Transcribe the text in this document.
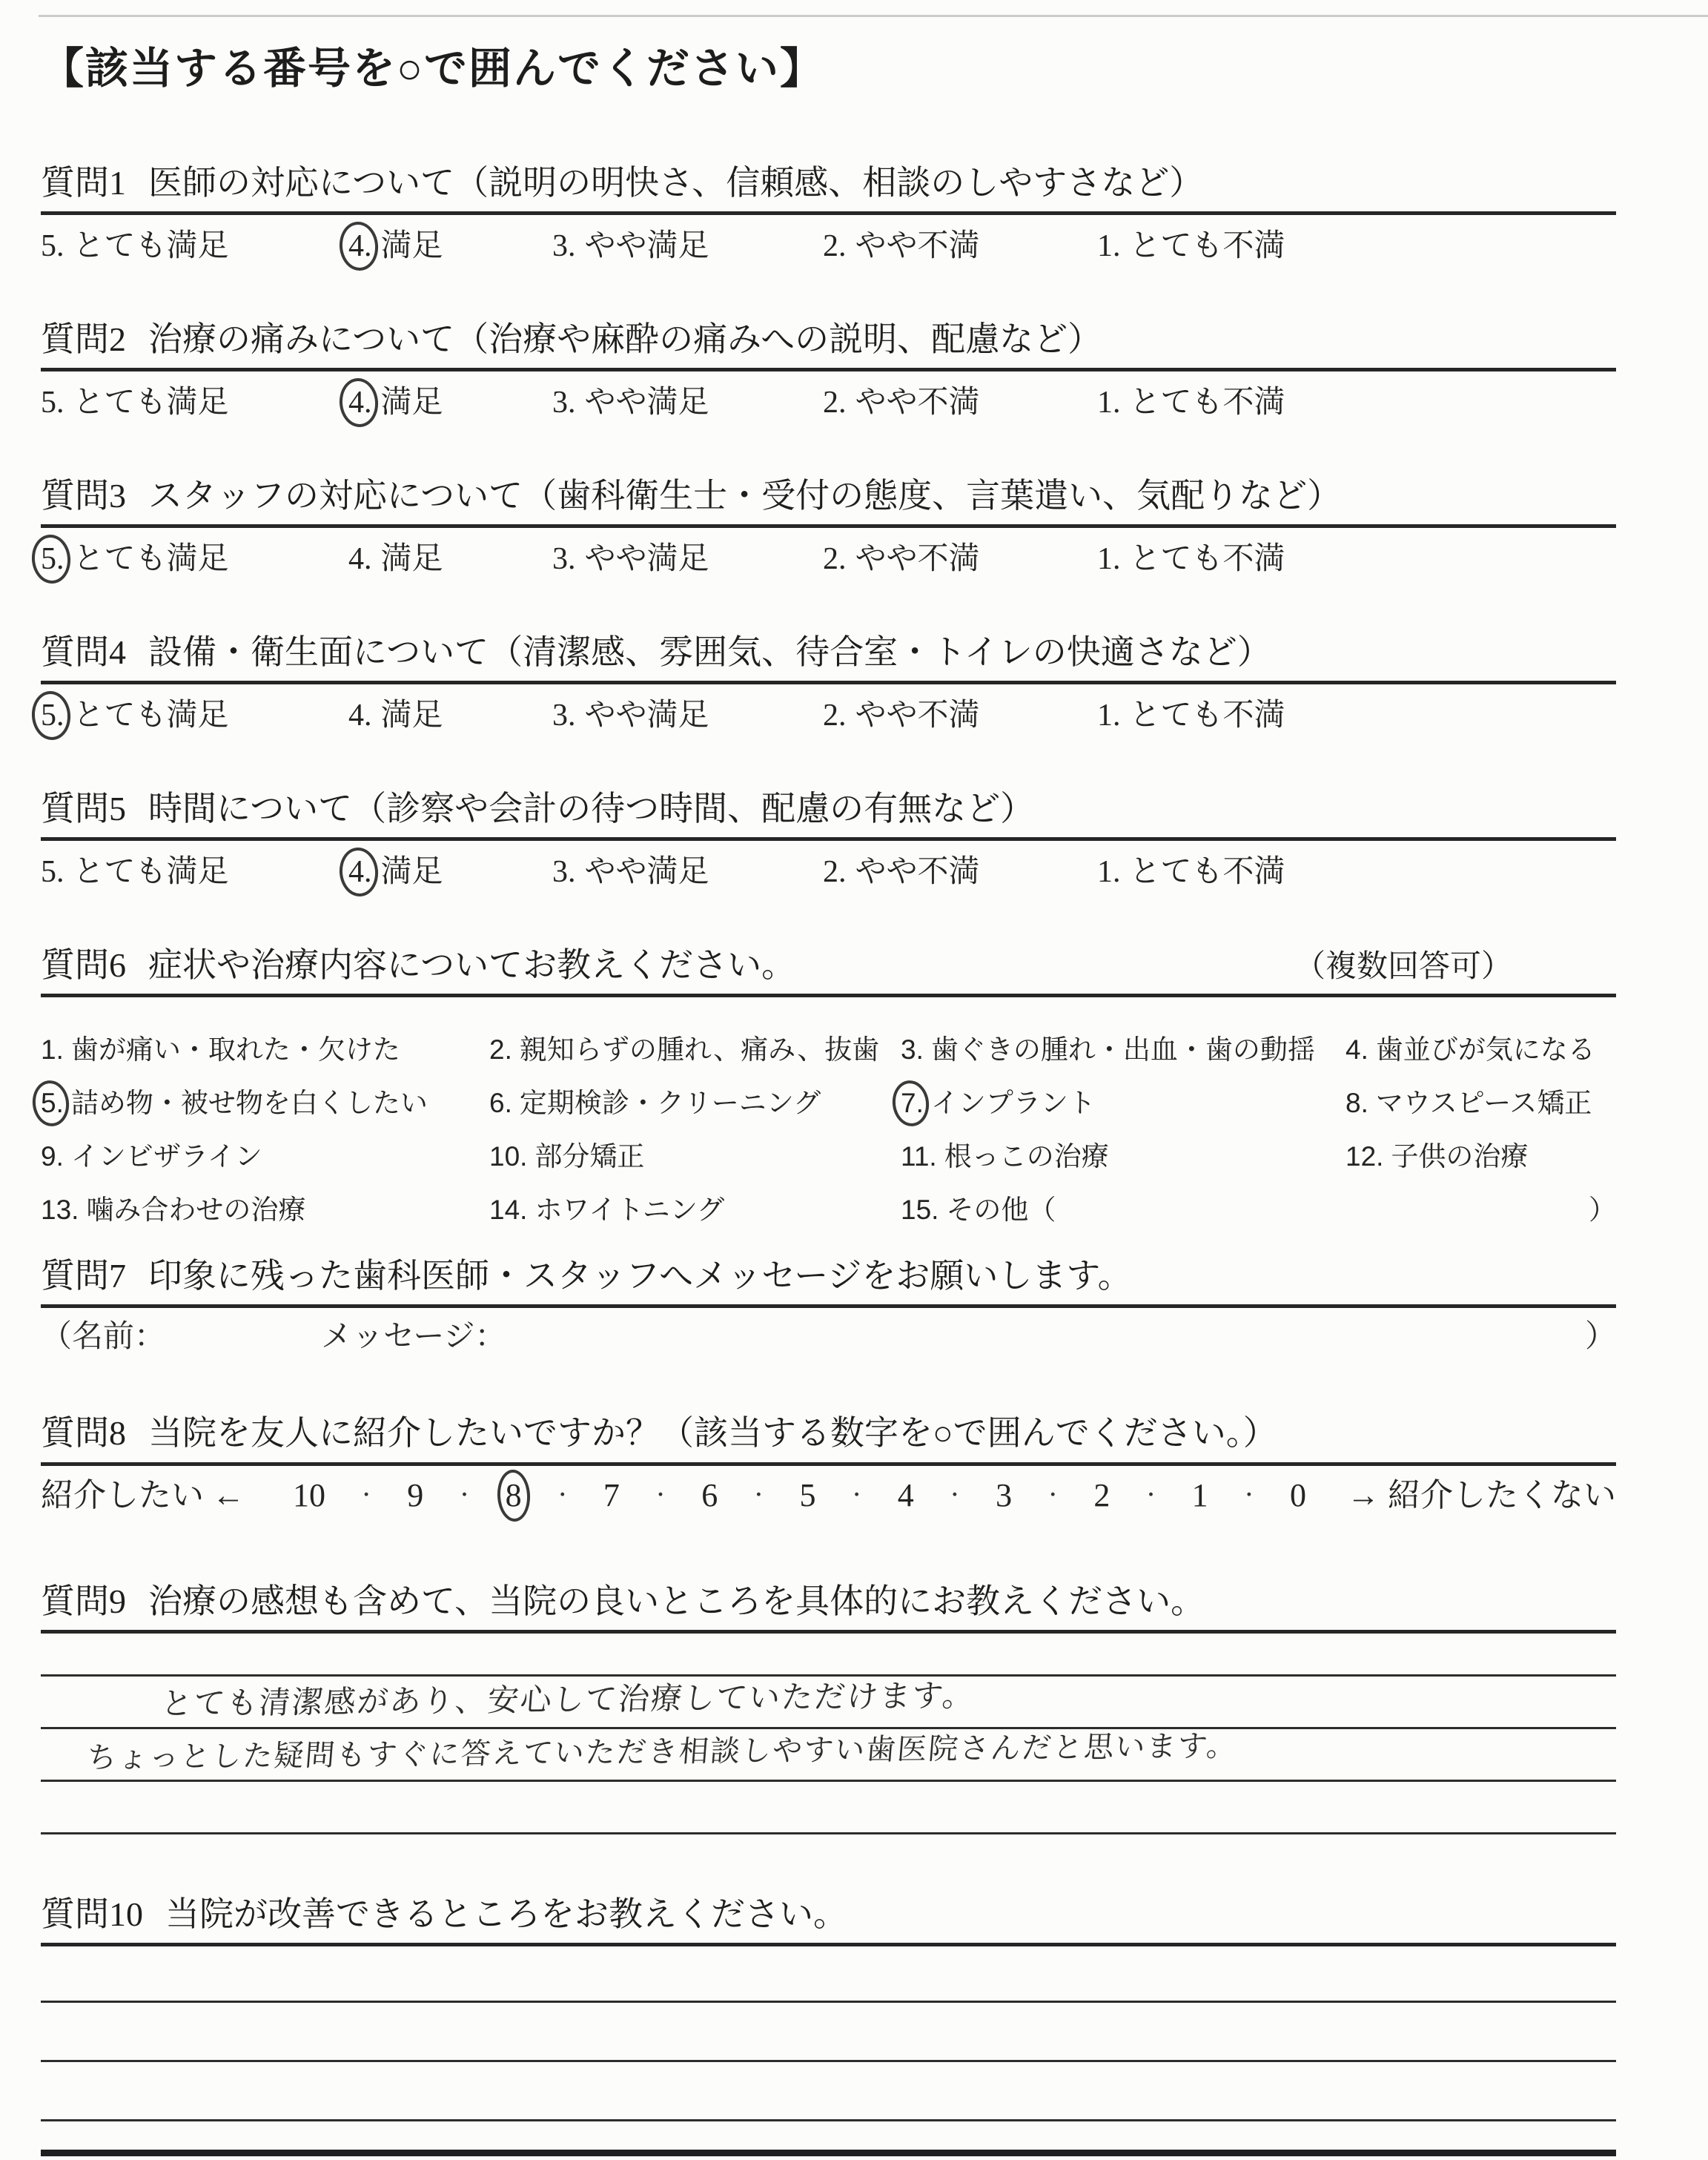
【該当する番号を○で囲んでください】
質問1 医師の対応について（説明の明快さ、信頼感、相談のしやすさなど）
5. とても満足	4. 満足	3. やや満足	2. やや不満	1. とても不満
質問2 治療の痛みについて（治療や麻酔の痛みへの説明、配慮など）
5. とても満足	4. 満足	3. やや満足	2. やや不満	1. とても不満
質問3 スタッフの対応について（歯科衛生士・受付の態度、言葉遣い、気配りなど）
5. とても満足	4. 満足	3. やや満足	2. やや不満	1. とても不満
質問4 設備・衛生面について（清潔感、雰囲気、待合室・トイレの快適さなど）
5. とても満足	4. 満足	3. やや満足	2. やや不満	1. とても不満
質問5 時間について（診察や会計の待つ時間、配慮の有無など）
5. とても満足	4. 満足	3. やや満足	2. やや不満	1. とても不満
質問6 症状や治療内容についてお教えください。	（複数回答可）
1. 歯が痛い・取れた・欠けた	2. 親知らずの腫れ、痛み、抜歯 3. 歯ぐきの腫れ・出血・歯の動揺	4. 歯並びが気になる
5. 詰め物・被せ物を白くしたい	6. 定期検診・クリーニング	7. インプラント	8. マウスピース矯正
9. インビザライン	10. 部分矯正	11. 根っこの治療	12. 子供の治療
13. 噛み合わせの治療	14. ホワイトニング	15. その他（	）
質問7 印象に残った歯科医師・スタッフへメッセージをお願いします。
（名前：	メッセージ：	）
質問8 当院を友人に紹介したいですか？（該当する数字を○で囲んでください。）
紹介したい ← 10 ・ 9 ・ 8 ・ 7 ・ 6 ・ 5 ・ 4 ・ 3 ・ 2 ・ 1 ・ 0 → 紹介したくない
質問9 治療の感想も含めて、当院の良いところを具体的にお教えください。
とても清潔感があり、安心して治療していただけます。
ちょっとした疑問もすぐに答えていただき相談しやすい歯医院さんだと思います。
質問10 当院が改善できるところをお教えください。
